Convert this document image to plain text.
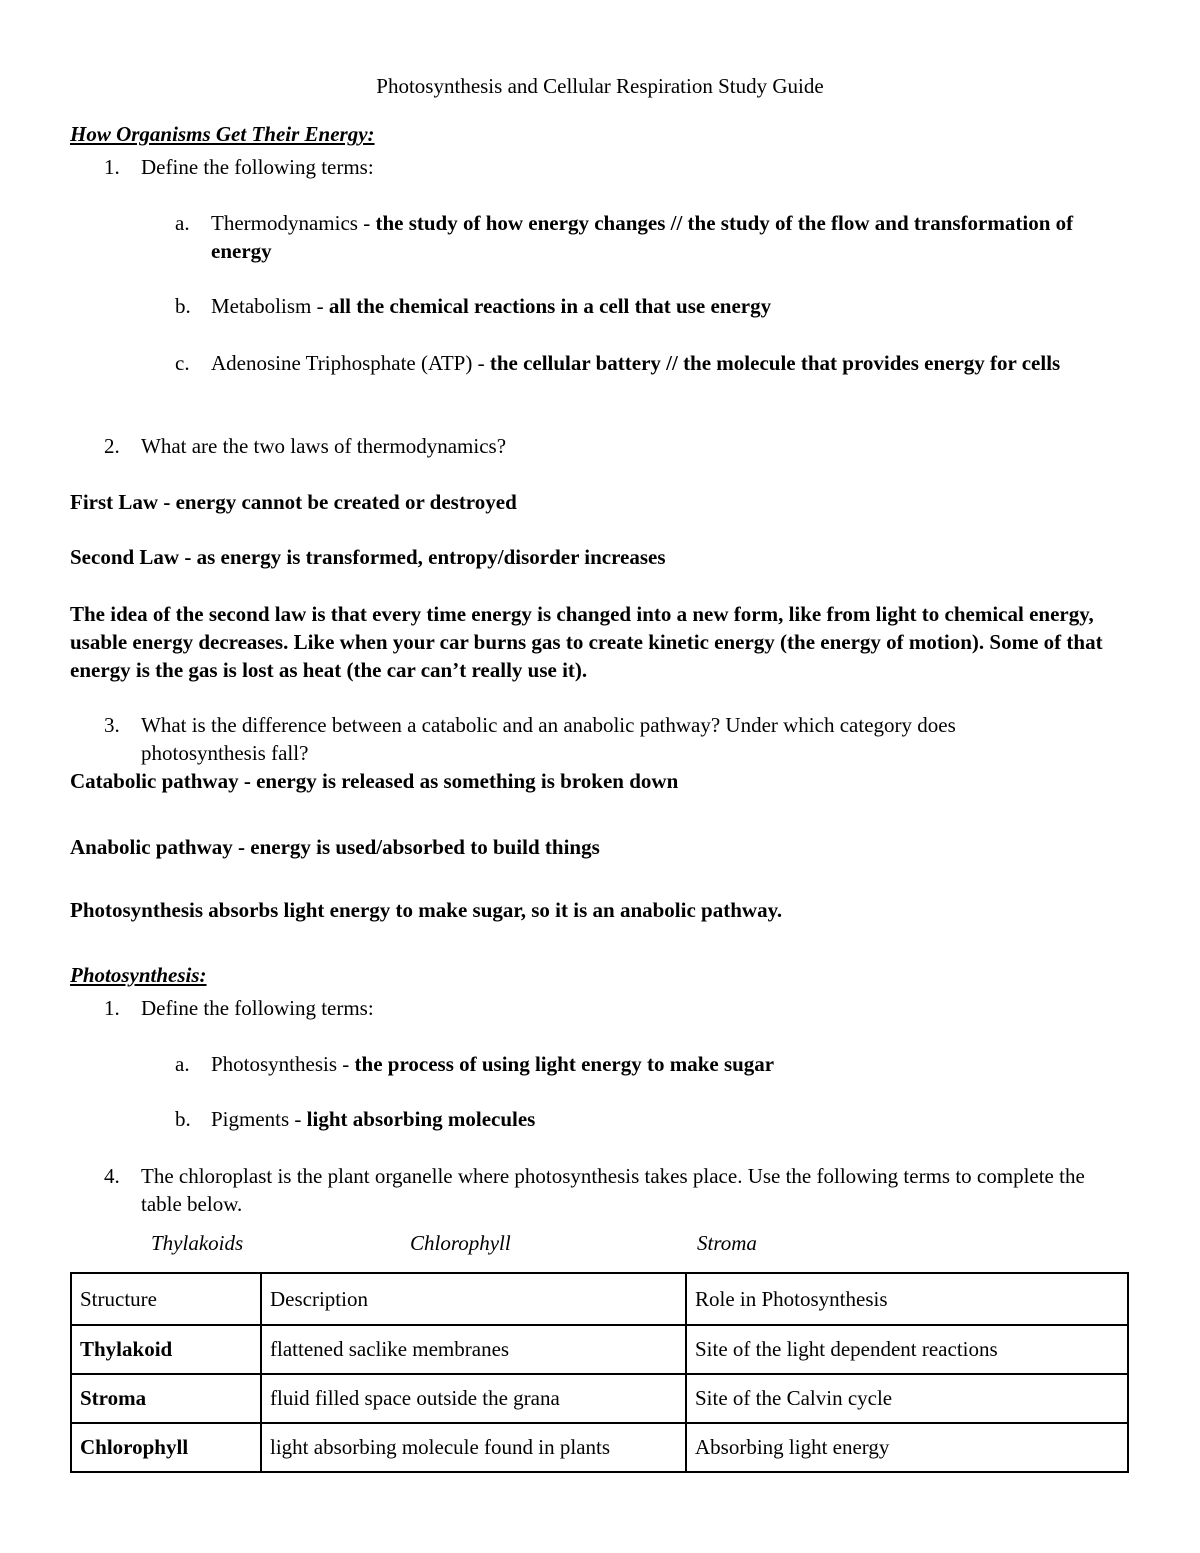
Photosynthesis and Cellular Respiration Study Guide
How Organisms Get Their Energy:
1. Define the following terms:
a. Thermodynamics - the study of how energy changes // the study of the flow and transformation of energy
b. Metabolism - all the chemical reactions in a cell that use energy
c. Adenosine Triphosphate (ATP) - the cellular battery // the molecule that provides energy for cells
2. What are the two laws of thermodynamics?
First Law - energy cannot be created or destroyed
Second Law - as energy is transformed, entropy/disorder increases
The idea of the second law is that every time energy is changed into a new form, like from light to chemical energy, usable energy decreases. Like when your car burns gas to create kinetic energy (the energy of motion). Some of that energy is the gas is lost as heat (the car can’t really use it).
3. What is the difference between a catabolic and an anabolic pathway? Under which category does photosynthesis fall?
Catabolic pathway - energy is released as something is broken down
Anabolic pathway - energy is used/absorbed to build things
Photosynthesis absorbs light energy to make sugar, so it is an anabolic pathway.
Photosynthesis:
1. Define the following terms:
a. Photosynthesis - the process of using light energy to make sugar
b. Pigments - light absorbing molecules
4. The chloroplast is the plant organelle where photosynthesis takes place. Use the following terms to complete the table below.
Thylakoids	Chlorophyll	Stroma
Structure	Description	Role in Photosynthesis
Thylakoid	flattened saclike membranes	Site of the light dependent reactions
Stroma	fluid filled space outside the grana	Site of the Calvin cycle
Chlorophyll	light absorbing molecule found in plants	Absorbing light energy
